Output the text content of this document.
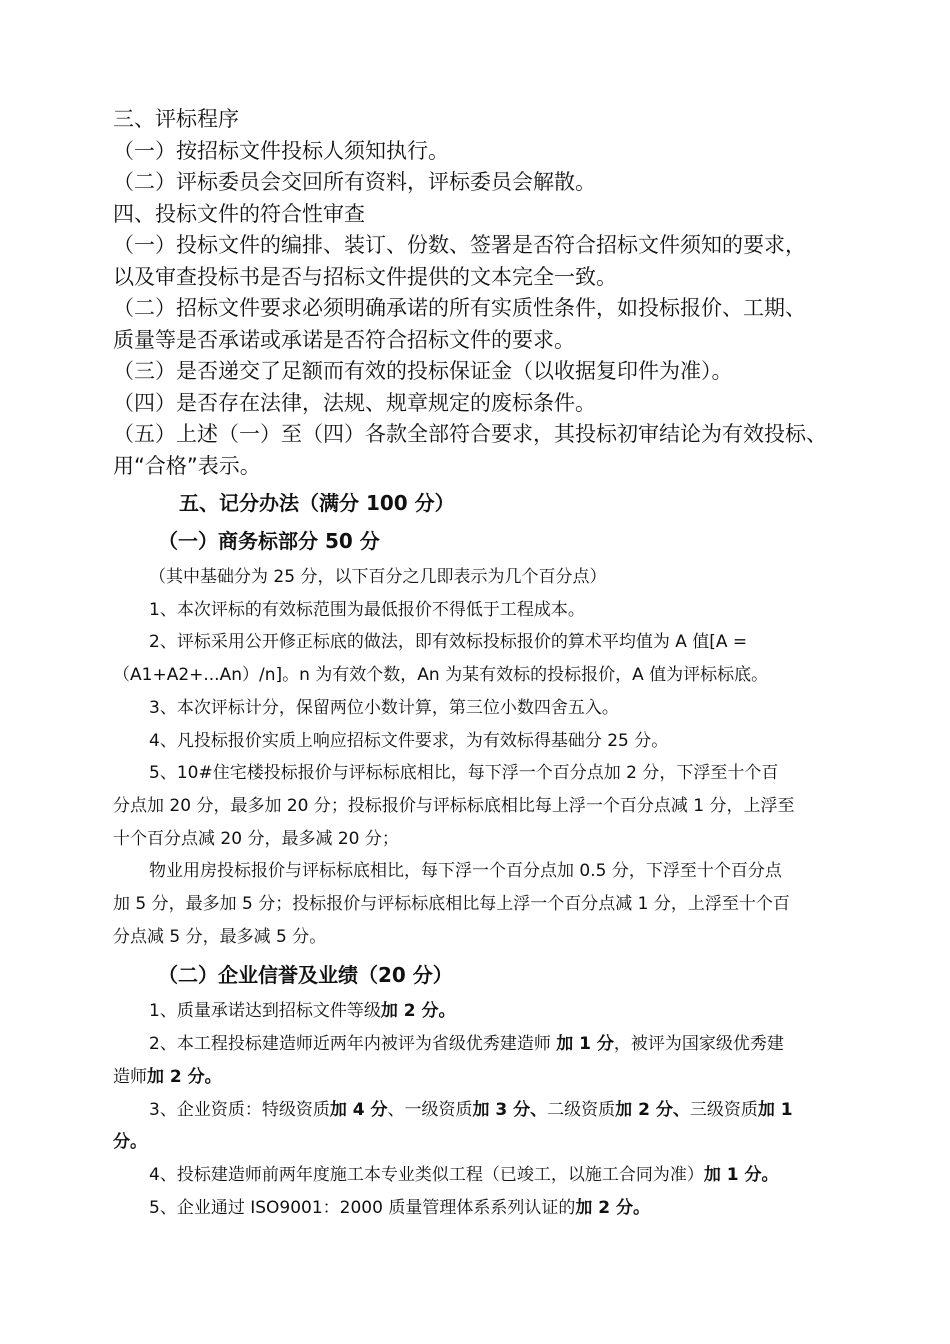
三、评标程序

（一）按招标文件投标人须知执行。

（二）评标委员会交回所有资料，评标委员会解散。

四、投标文件的符合性审查

（一）投标文件的编排、装订、份数、签署是否符合招标文件须知的要求，

以及审查投标书是否与招标文件提供的文本完全一致。

（二）招标文件要求必须明确承诺的所有实质性条件，如投标报价、工期、

质量等是否承诺或承诺是否符合招标文件的要求。

（三）是否递交了足额而有效的投标保证金（以收据复印件为准）。

（四）是否存在法律，法规、规章规定的废标条件。

（五）上述（一）至（四）各款全部符合要求，其投标初审结论为有效投标、

用“合格”表示。

五、记分办法（满分 100 分）

（一）商务标部分 50 分

（其中基础分为 25 分，以下百分之几即表示为几个百分点）

1、本次评标的有效标范围为最低报价不得低于工程成本。

2、评标采用公开修正标底的做法，即有效标投标报价的算术平均值为 A 值[A =

（A1+A2+...An）/n]。n 为有效个数，An 为某有效标的投标报价，A 值为评标标底。

3、本次评标计分，保留两位小数计算，第三位小数四舍五入。

4、凡投标报价实质上响应招标文件要求，为有效标得基础分 25 分。

5、10#住宅楼投标报价与评标标底相比，每下浮一个百分点加 2 分，下浮至十个百

分点加 20 分，最多加 20 分；投标报价与评标标底相比每上浮一个百分点减 1 分，上浮至

十个百分点减 20 分，最多减 20 分；

物业用房投标报价与评标标底相比，每下浮一个百分点加 0.5 分，下浮至十个百分点

加 5 分，最多加 5 分；投标报价与评标标底相比每上浮一个百分点减 1 分，上浮至十个百

分点减 5 分，最多减 5 分。

（二）企业信誉及业绩（20 分）

1、质量承诺达到招标文件等级加 2 分。

2、本工程投标建造师近两年内被评为省级优秀建造师 加 1 分，被评为国家级优秀建

造师加 2 分。

3、企业资质：特级资质加 4 分、一级资质加 3 分、二级资质加 2 分、三级资质加 1

分。

4、投标建造师前两年度施工本专业类似工程（已竣工，以施工合同为准）加 1 分。

5、企业通过 ISO9001：2000 质量管理体系系列认证的加 2 分。
